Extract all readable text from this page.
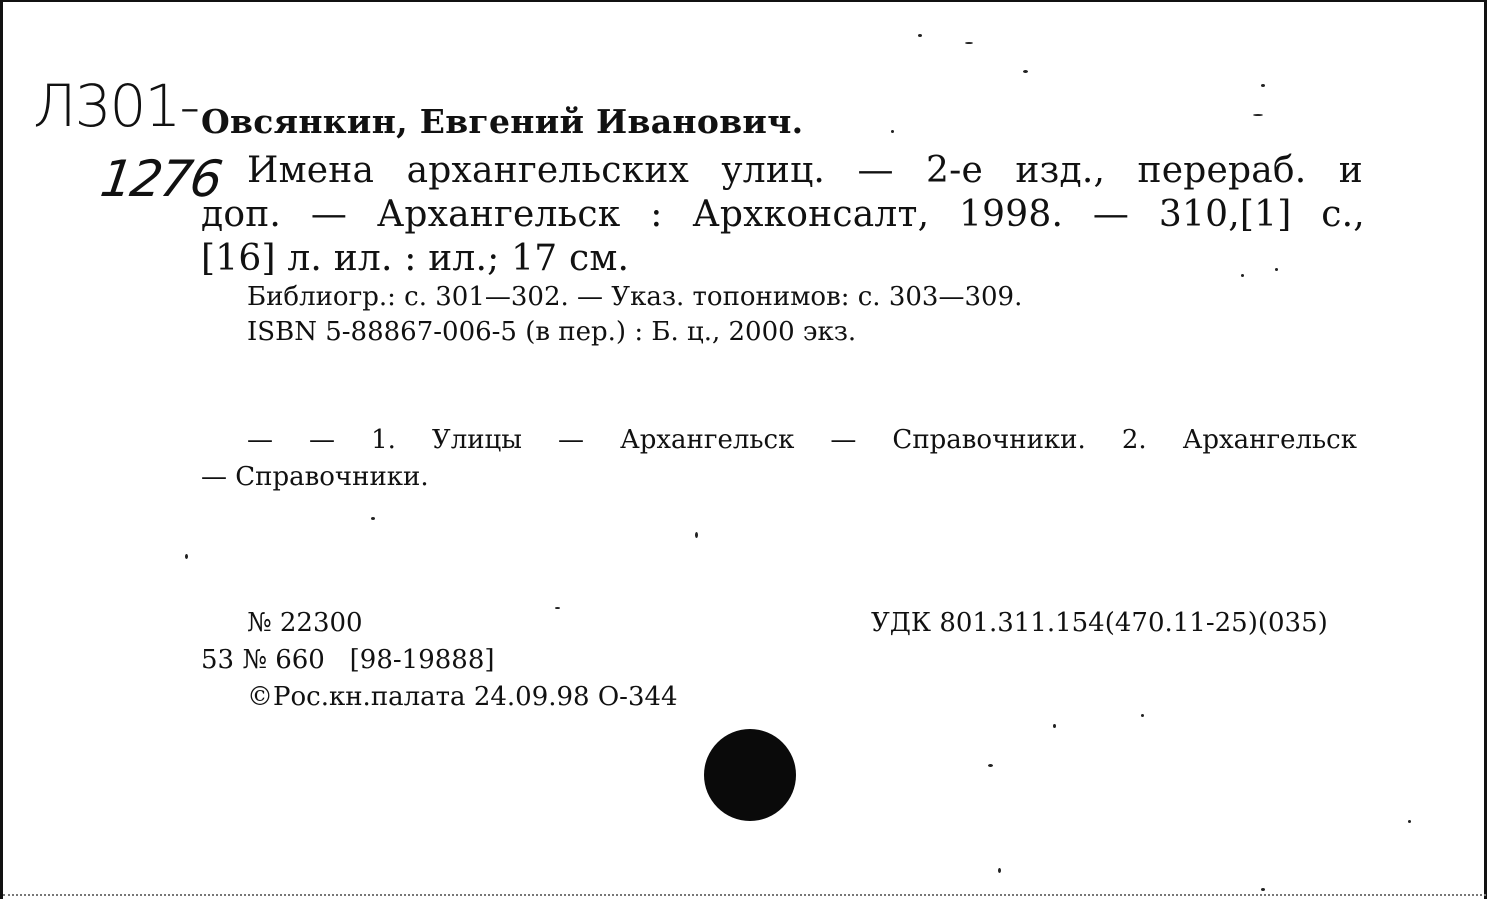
Л301-
1276
Овсянкин, Евгений Иванович.
Имена архангельских улиц. — 2-е изд., перераб. и
доп. — Архангельск : Архконсалт, 1998. — 310,[1] с.,
[16] л. ил. : ил.; 17 см.
Библиогр.: с. 301—302. — Указ. топонимов: с. 303—309.
ISBN 5-88867-006-5 (в пер.) : Б. ц., 2000 экз.
— — 1. Улицы — Архангельск — Справочники. 2. Архангельск
— Справочники.
№ 22300	УДК 801.311.154(470.11-25)(035)
53 № 660   [98-19888]
©Рос.кн.палата 24.09.98 О-344
